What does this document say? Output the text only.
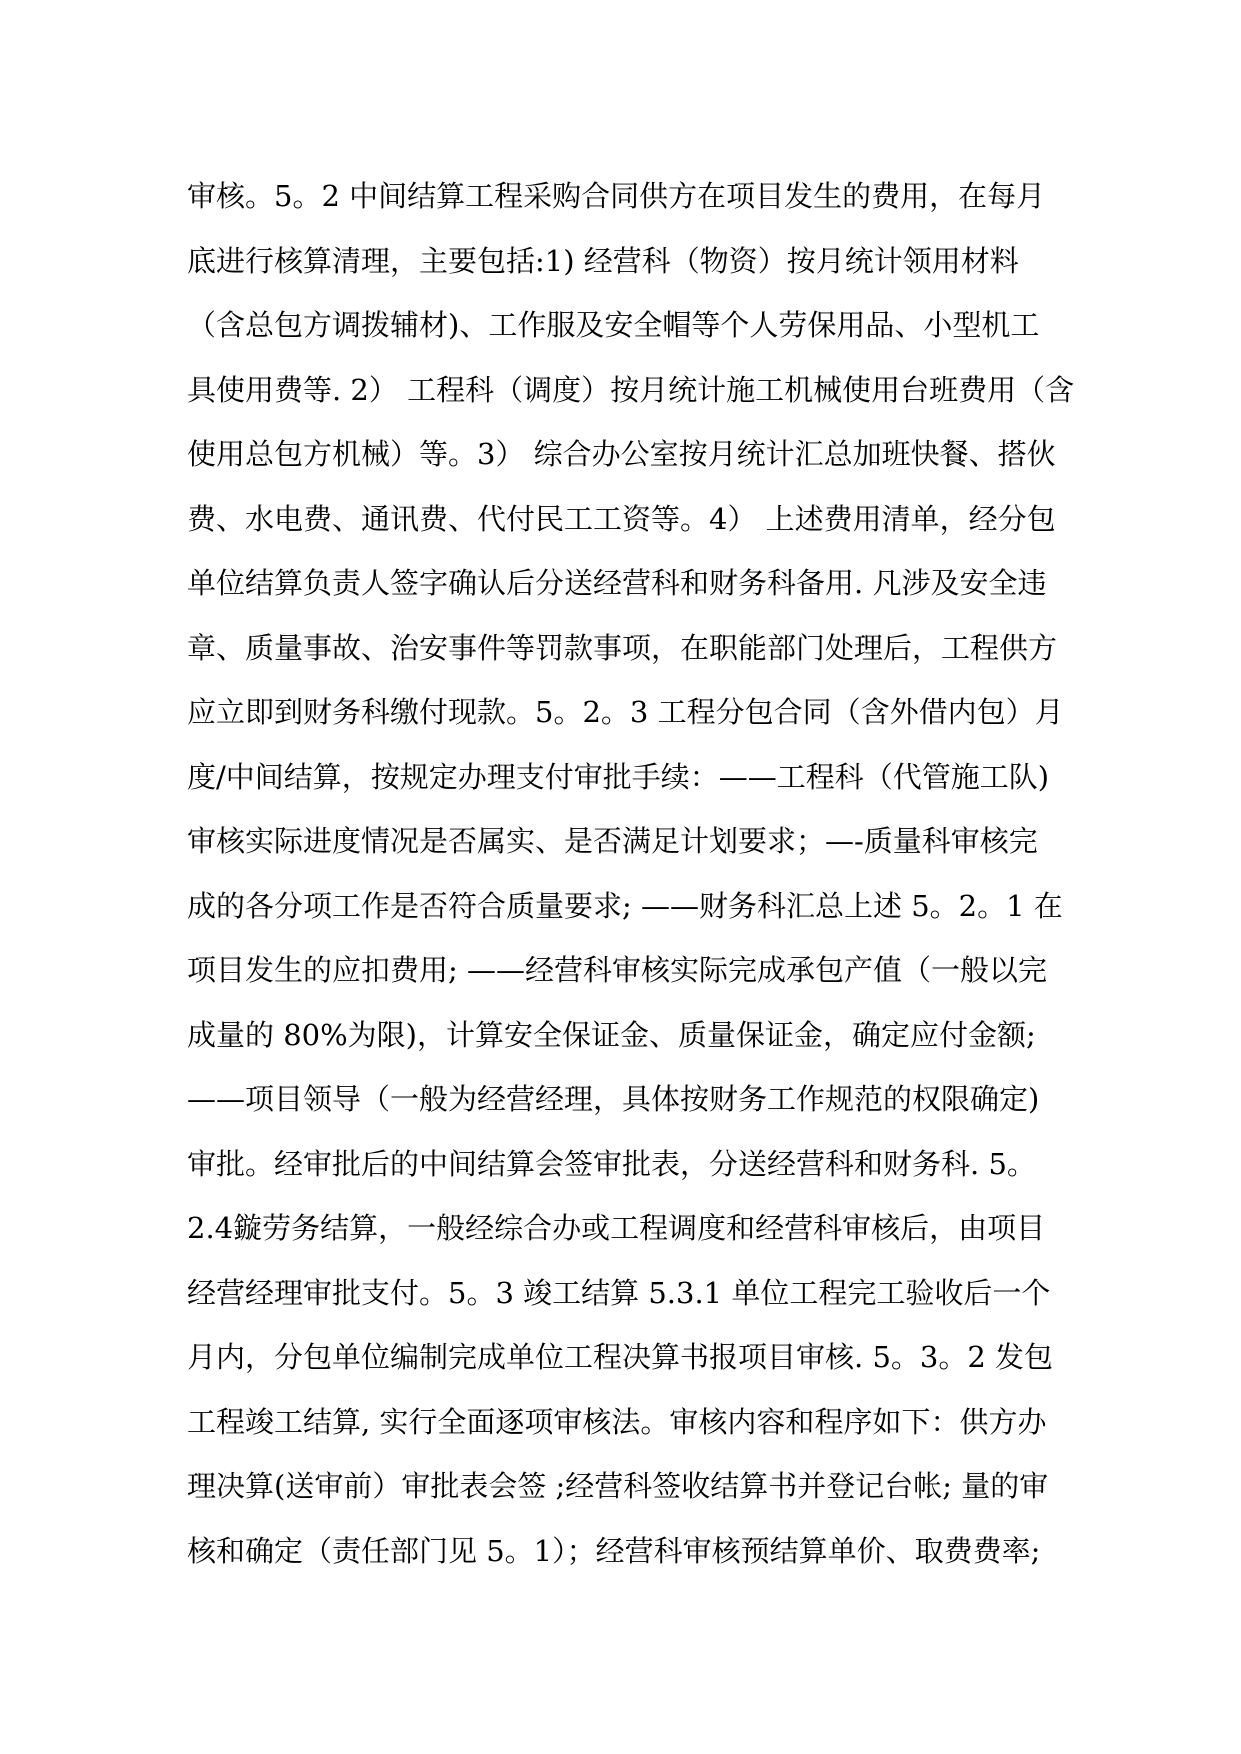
审核。5。2 中间结算工程采购合同供方在项目发生的费用，在每月
底进行核算清理，主要包括:1) 经营科（物资）按月统计领用材料
（含总包方调拨辅材)、工作服及安全帽等个人劳保用品、小型机工
具使用费等. 2） 工程科（调度）按月统计施工机械使用台班费用（含
使用总包方机械）等。3） 综合办公室按月统计汇总加班快餐、搭伙
费、水电费、通讯费、代付民工工资等。4） 上述费用清单，经分包
单位结算负责人签字确认后分送经营科和财务科备用. 凡涉及安全违
章、质量事故、治安事件等罚款事项，在职能部门处理后，工程供方
应立即到财务科缴付现款。5。2。3 工程分包合同（含外借内包）月
度/中间结算，按规定办理支付审批手续：——工程科（代管施工队)
审核实际进度情况是否属实、是否满足计划要求；—-质量科审核完
成的各分项工作是否符合质量要求; ——财务科汇总上述 5。2。1 在
项目发生的应扣费用; ——经营科审核实际完成承包产值（一般以完
成量的 80%为限)，计算安全保证金、质量保证金，确定应付金额;
——项目领导（一般为经营经理，具体按财务工作规范的权限确定)
审批。经审批后的中间结算会签审批表，分送经营科和财务科. 5。
2.4鏇劳务结算，一般经综合办或工程调度和经营科审核后，由项目
经营经理审批支付。5。3 竣工结算 5.3.1 单位工程完工验收后一个
月内，分包单位编制完成单位工程决算书报项目审核. 5。3。2 发包
工程竣工结算, 实行全面逐项审核法。审核内容和程序如下：供方办
理决算(送审前）审批表会签 ;经营科签收结算书并登记台帐; 量的审
核和确定（责任部门见 5。1）；经营科审核预结算单价、取费费率;
